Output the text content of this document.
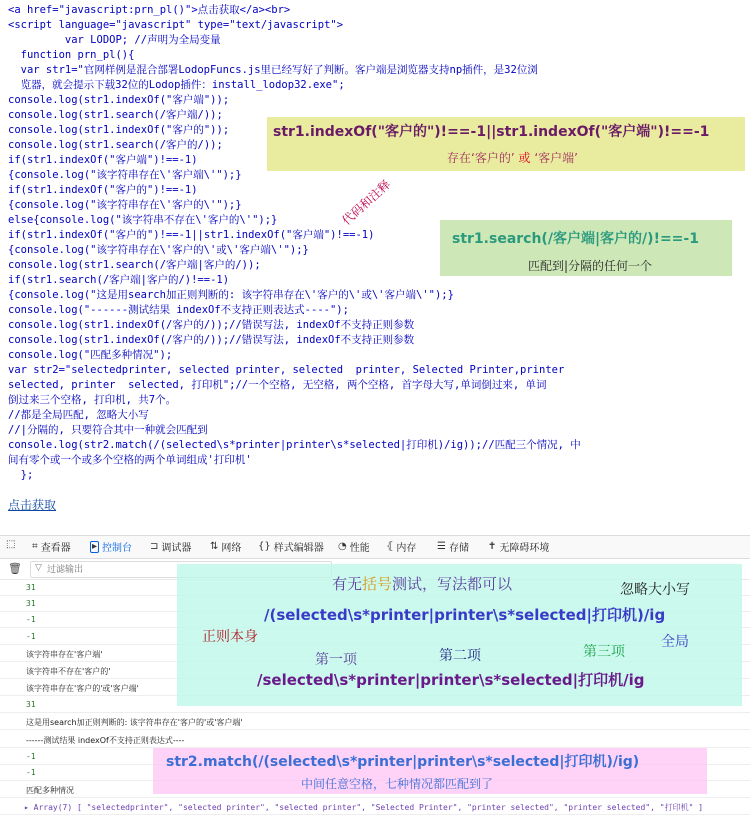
<a href="javascript:prn_pl()">点击获取</a><br>
<script language="javascript" type="text/javascript">
var LODOP; //声明为全局变量
function prn_pl(){
var str1="官网样例是混合部署LodopFuncs.js里已经写好了判断。客户端是浏览器支持np插件，是32位浏
览器，就会提示下载32位的Lodop插件：install_lodop32.exe";
console.log(str1.indexOf("客户端"));
console.log(str1.search(/客户端/));
console.log(str1.indexOf("客户的"));
console.log(str1.search(/客户的/));
if(str1.indexOf("客户端")!==-1)
{console.log("该字符串存在\'客户端\'");}
if(str1.indexOf("客户的")!==-1)
{console.log("该字符串存在\'客户的\'");}
else{console.log("该字符串不存在\'客户的\'");}
if(str1.indexOf("客户的")!==-1||str1.indexOf("客户端")!==-1)
{console.log("该字符串存在\'客户的\'或\'客户端\'");}
console.log(str1.search(/客户端|客户的/));
if(str1.search(/客户端|客户的/)!==-1)
{console.log("这是用search加正则判断的: 该字符串存在\'客户的\'或\'客户端\'");}
console.log("------测试结果 indexOf不支持正则表达式----");
console.log(str1.indexOf(/客户的/));//错误写法, indexOf不支持正则参数
console.log(str1.indexOf(/客户的/));//错误写法, indexOf不支持正则参数
console.log("匹配多种情况");
var str2="selectedprinter, selected printer, selected  printer, Selected Printer,printer
selected, printer  selected, 打印机";//一个空格, 无空格, 两个空格, 首字母大写,单词倒过来, 单词
倒过来三个空格, 打印机, 共7个。
//都是全局匹配, 忽略大小写
//|分隔的, 只要符合其中一种就会匹配到
console.log(str2.match(/(selected\s*printer|printer\s*selected|打印机)/ig));//匹配三个情况, 中
间有零个或一个或多个空格的两个单词组成'打印机'
};
str1.indexOf("客户的")!==-1||str1.indexOf("客户端")!==-1
存在‘客户的’ 或 ‘客户端’
str1.search(/客户端|客户的/)!==-1
匹配到|分隔的任何一个
代码和注释
点击获取
⬚ ⌗ 查看器 ▸ 控制台 ⊐ 调试器 ⇅ 网络 {} 样式编辑器 ◔ 性能 ⦃ 内存 ☰ 存储 ✝ 无障碍环境
🗑 ▽
过滤输出
31
31
-1
-1
该字符串存在'客户端'
该字符串不存在'客户的'
该字符串存在'客户的'或'客户端'
31
这是用search加正则判断的: 该字符串存在'客户的'或'客户端'
------测试结果 indexOf不支持正则表达式----
-1
-1
匹配多种情况
▸ Array(7) [ "selectedprinter", "selected printer", "selected printer", "Selected Printer", "printer selected", "printer selected", "打印机" ]
有无括号测试，写法都可以	忽略大小写
/(selected\s*printer|printer\s*selected|打印机)/ig
正则本身	全局
第一项	第二项	第三项
/selected\s*printer|printer\s*selected|打印机/ig
str2.match(/(selected\s*printer|printer\s*selected|打印机)/ig)
中间任意空格，七种情况都匹配到了
